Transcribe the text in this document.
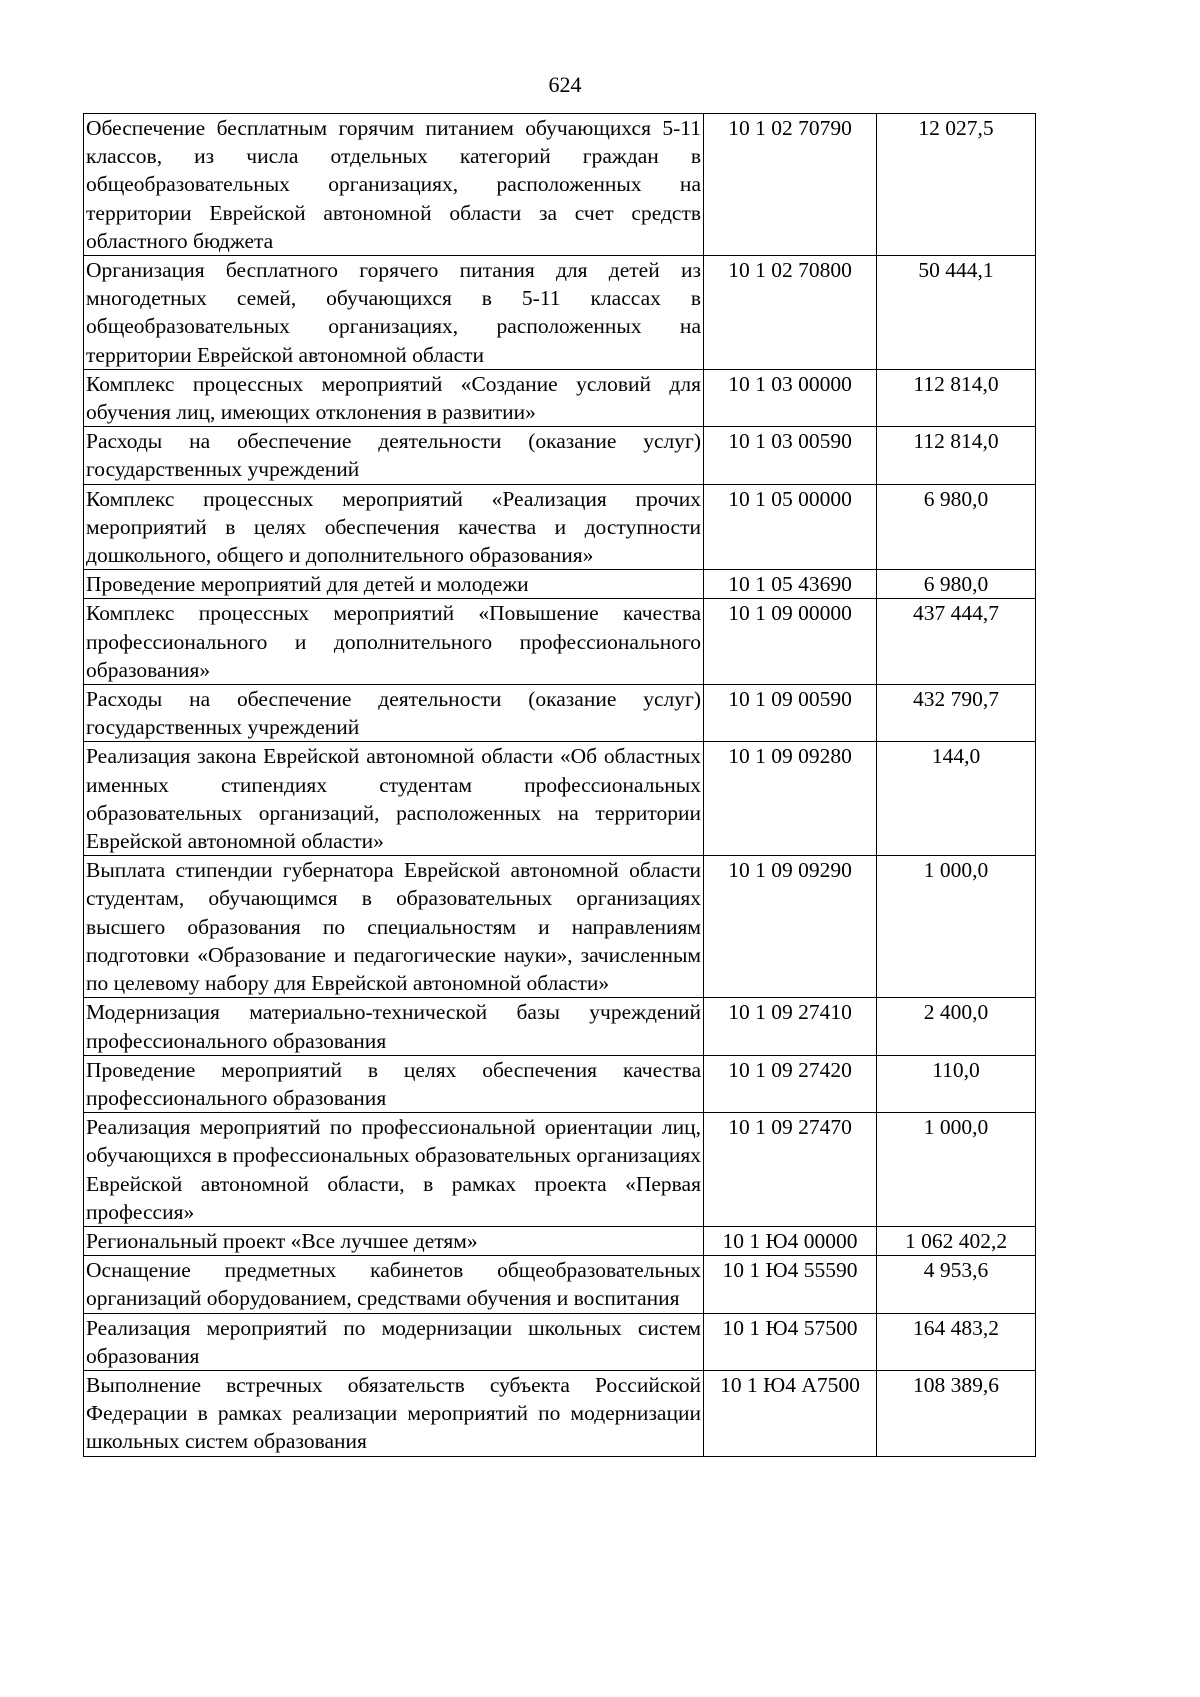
624
Обеспечение бесплатным горячим питанием обучающихся 5-11 классов, из числа отдельных категорий граждан в общеобразовательных организациях, расположенных на территории Еврейской автономной области за счет средств областного бюджета	10 1 02 70790	12 027,5
Организация бесплатного горячего питания для детей из многодетных семей, обучающихся в 5-11 классах в общеобразовательных организациях, расположенных на территории Еврейской автономной области	10 1 02 70800	50 444,1
Комплекс процессных мероприятий «Создание условий для обучения лиц, имеющих отклонения в развитии»	10 1 03 00000	112 814,0
Расходы на обеспечение деятельности (оказание услуг) государственных учреждений	10 1 03 00590	112 814,0
Комплекс процессных мероприятий «Реализация прочих мероприятий в целях обеспечения качества и доступности дошкольного, общего и дополнительного образования»	10 1 05 00000	6 980,0
Проведение мероприятий для детей и молодежи	10 1 05 43690	6 980,0
Комплекс процессных мероприятий «Повышение качества профессионального и дополнительного профессионального образования»	10 1 09 00000	437 444,7
Расходы на обеспечение деятельности (оказание услуг) государственных учреждений	10 1 09 00590	432 790,7
Реализация закона Еврейской автономной области «Об областных именных стипендиях студентам профессиональных образовательных организаций, расположенных на территории Еврейской автономной области»	10 1 09 09280	144,0
Выплата стипендии губернатора Еврейской автономной области студентам, обучающимся в образовательных организациях высшего образования по специальностям и направлениям подготовки «Образование и педагогические науки», зачисленным по целевому набору для Еврейской автономной области»	10 1 09 09290	1 000,0
Модернизация материально-технической базы учреждений профессионального образования	10 1 09 27410	2 400,0
Проведение мероприятий в целях обеспечения качества профессионального образования	10 1 09 27420	110,0
Реализация мероприятий по профессиональной ориентации лиц, обучающихся в профессиональных образовательных организациях Еврейской автономной области, в рамках проекта «Первая профессия»	10 1 09 27470	1 000,0
Региональный проект «Все лучшее детям»	10 1 Ю4 00000	1 062 402,2
Оснащение предметных кабинетов общеобразовательных организаций оборудованием, средствами обучения и воспитания	10 1 Ю4 55590	4 953,6
Реализация мероприятий по модернизации школьных систем образования	10 1 Ю4 57500	164 483,2
Выполнение встречных обязательств субъекта Российской Федерации в рамках реализации мероприятий по модернизации школьных систем образования	10 1 Ю4 А7500	108 389,6
